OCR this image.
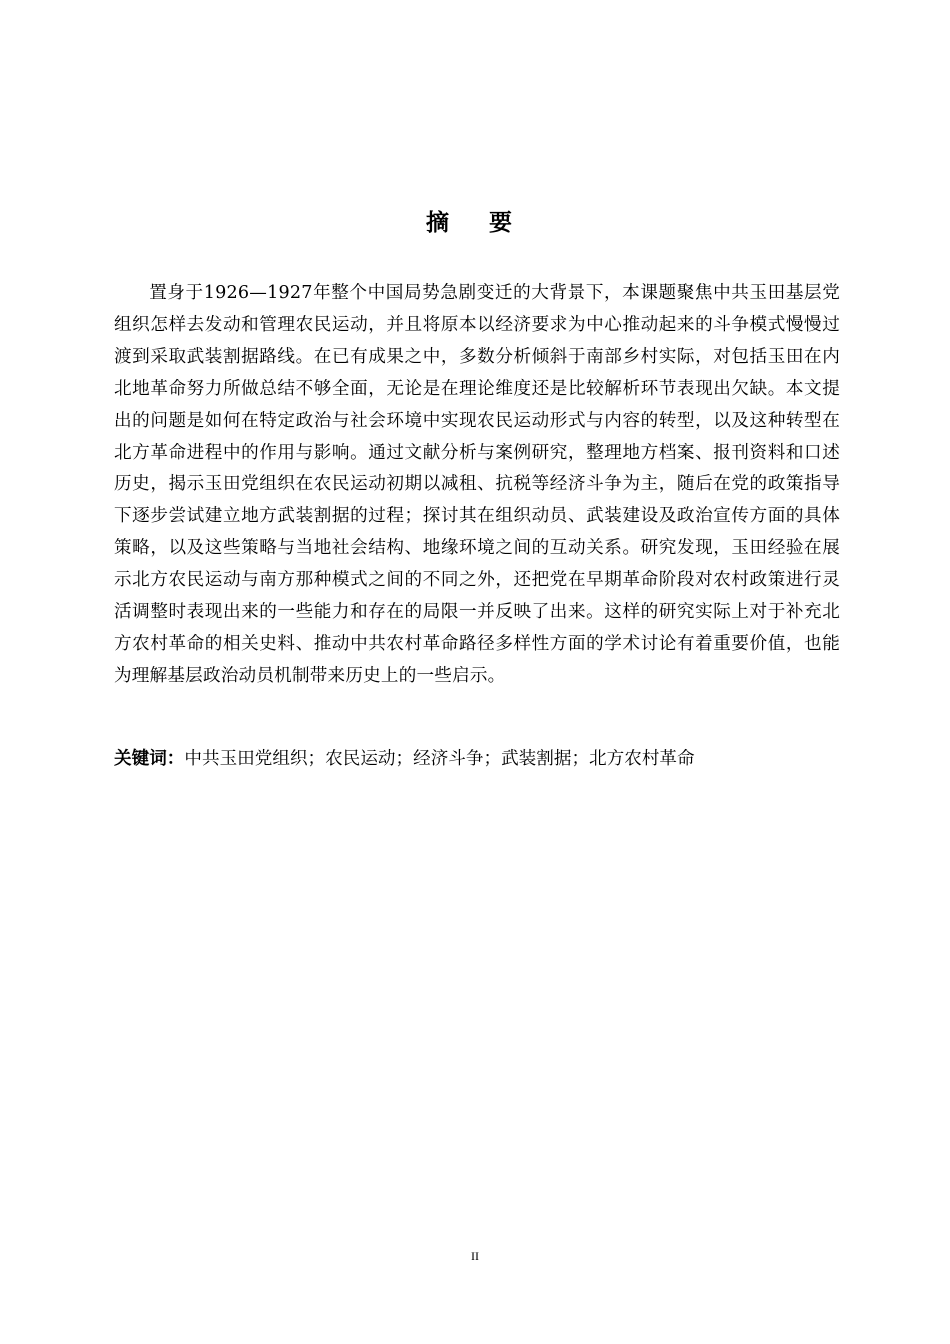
摘要

置身于1926—1927年整个中国局势急剧变迁的大背景下，本课题聚焦中共玉田基层党组织怎样去发动和管理农民运动，并且将原本以经济要求为中心推动起来的斗争模式慢慢过渡到采取武装割据路线。在已有成果之中，多数分析倾斜于南部乡村实际，对包括玉田在内北地革命努力所做总结不够全面，无论是在理论维度还是比较解析环节表现出欠缺。本文提出的问题是如何在特定政治与社会环境中实现农民运动形式与内容的转型，以及这种转型在北方革命进程中的作用与影响。通过文献分析与案例研究，整理地方档案、报刊资料和口述历史，揭示玉田党组织在农民运动初期以减租、抗税等经济斗争为主，随后在党的政策指导下逐步尝试建立地方武装割据的过程；探讨其在组织动员、武装建设及政治宣传方面的具体策略，以及这些策略与当地社会结构、地缘环境之间的互动关系。研究发现，玉田经验在展示北方农民运动与南方那种模式之间的不同之外，还把党在早期革命阶段对农村政策进行灵活调整时表现出来的一些能力和存在的局限一并反映了出来。这样的研究实际上对于补充北方农村革命的相关史料、推动中共农村革命路径多样性方面的学术讨论有着重要价值，也能为理解基层政治动员机制带来历史上的一些启示。

关键词：中共玉田党组织；农民运动；经济斗争；武装割据；北方农村革命

II
